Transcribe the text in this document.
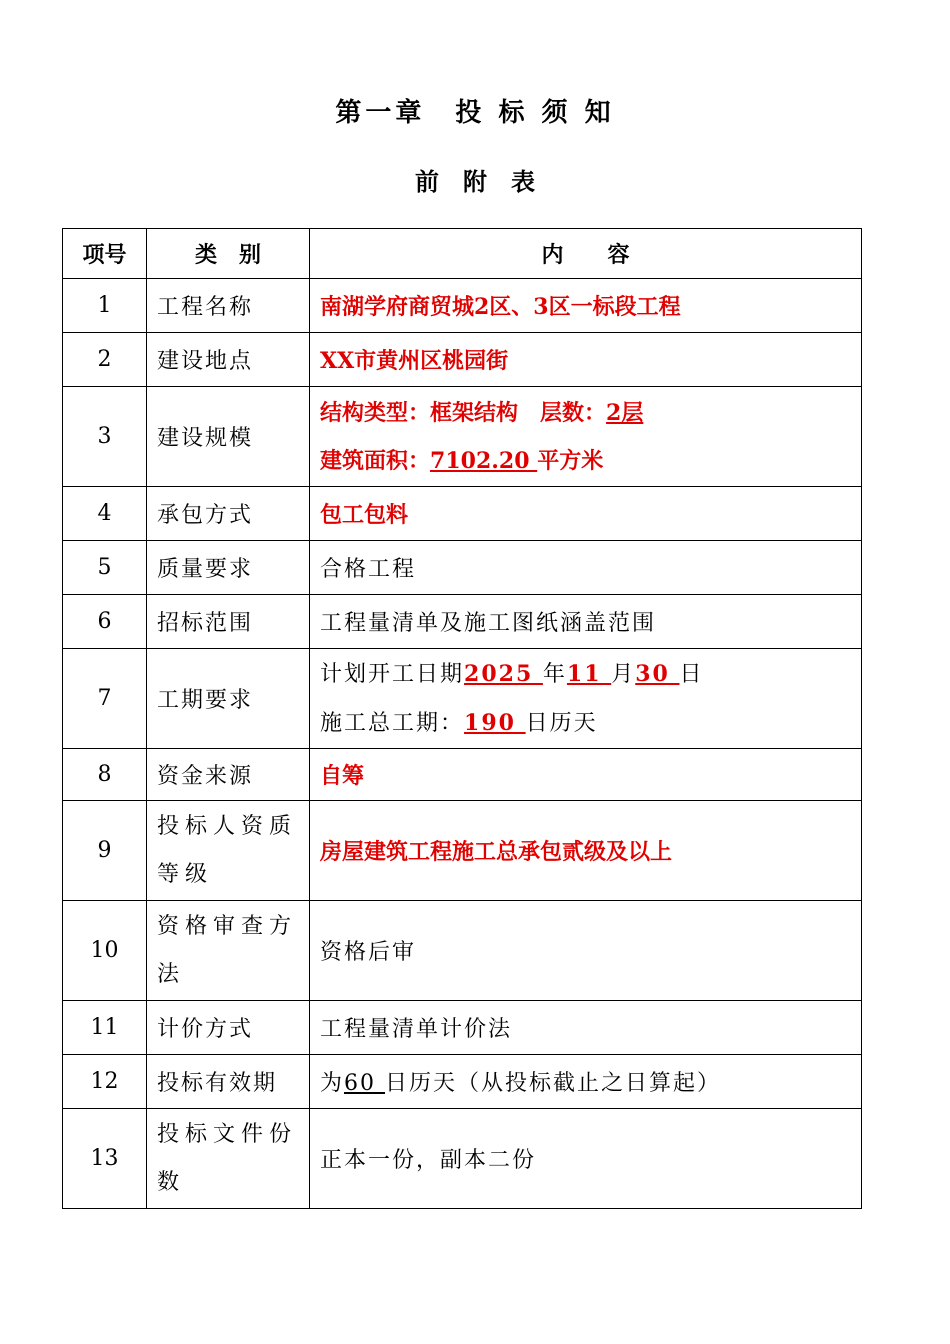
第一章　投 标 须 知
前　附　表
项号	类　别	内　　容
1	工程名称	南湖学府商贸城2区、3区一标段工程
2	建设地点	XX市黄州区桃园街
3	建设规模	结构类型：框架结构　层数：2层
建筑面积：7102.20 平方米

4	承包方式	包工包料
5	质量要求	合格工程
6	招标范围	工程量清单及施工图纸涵盖范围
7	工期要求	计划开工日期2025 年11 月30 日
施工总工期：190 日历天

8	资金来源	自筹
9	投标人资质等级	房屋建筑工程施工总承包贰级及以上
10	资格审查方法	资格后审
11	计价方式	工程量清单计价法
12	投标有效期	为60 日历天（从投标截止之日算起）
13	投标文件份数	正本一份，副本二份
